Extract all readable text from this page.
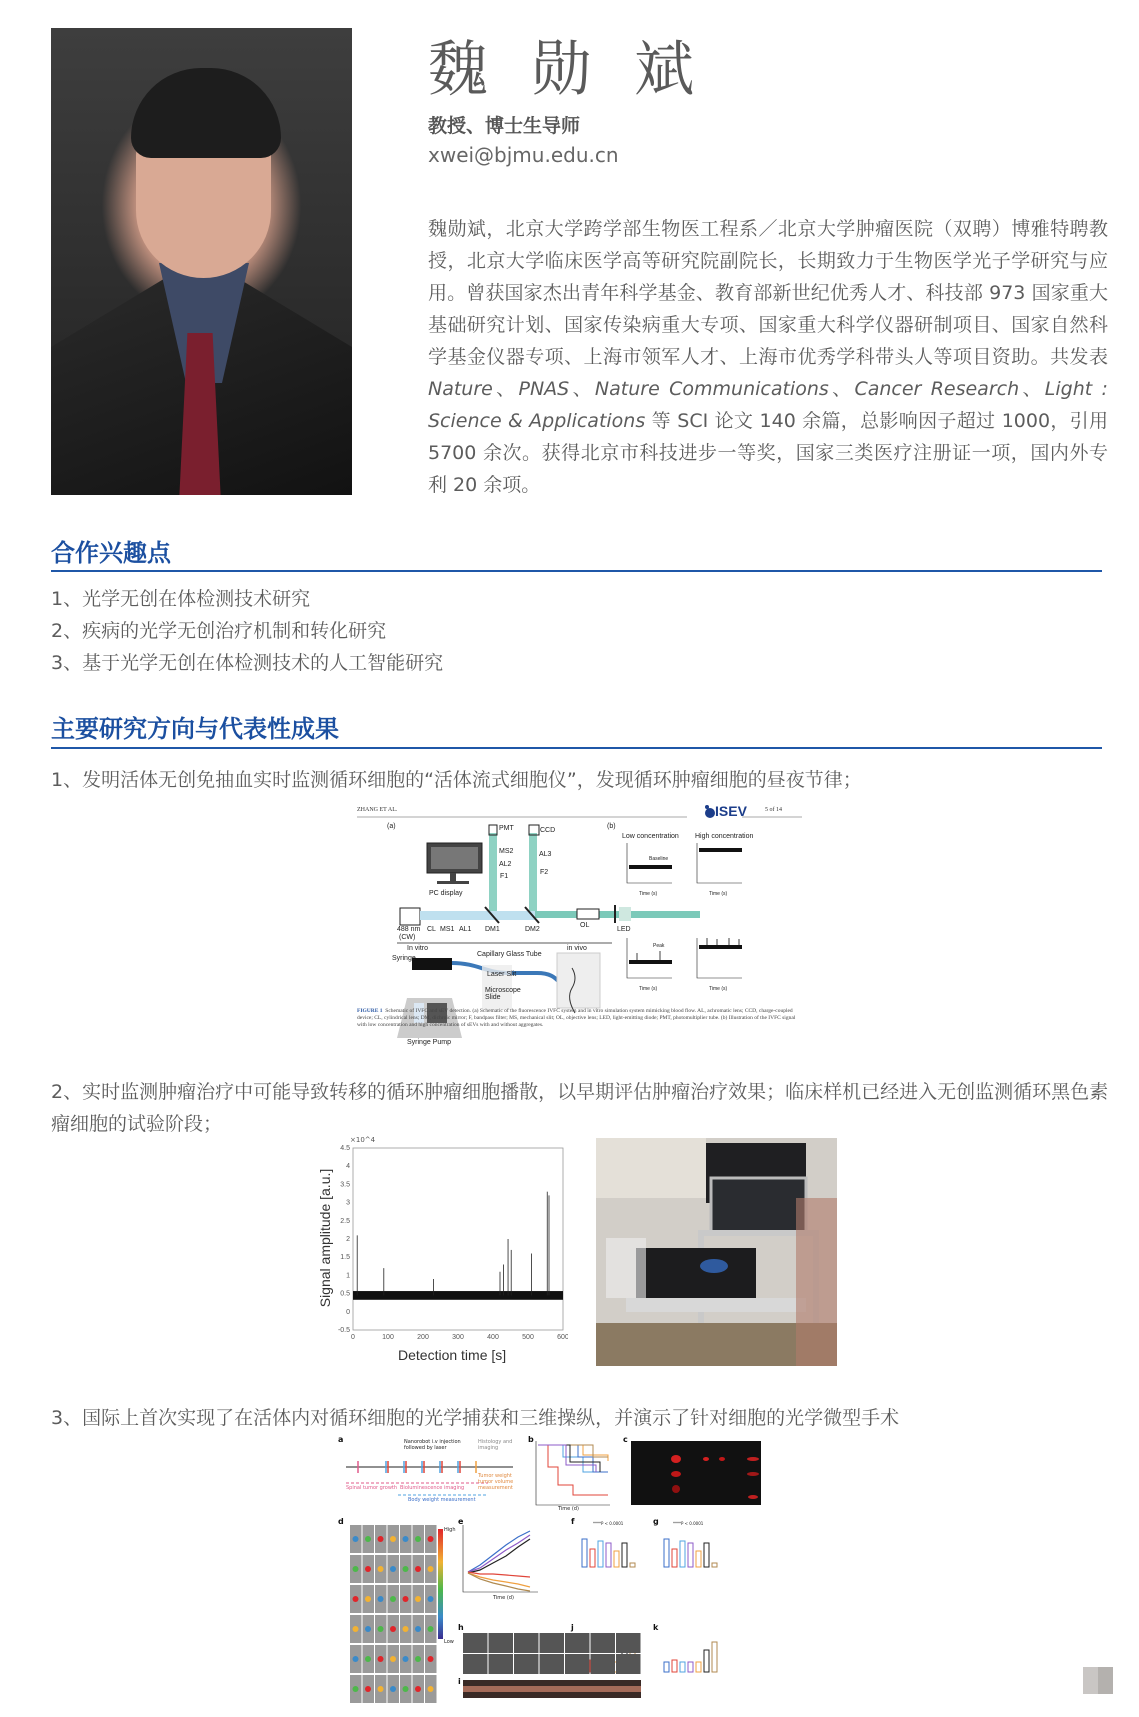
魏 勋 斌
教授、博士生导师
xwei@bjmu.edu.cn
魏勋斌，北京大学跨学部生物医工程系／北京大学肿瘤医院（双聘）博雅特聘教授，北京大学临床医学高等研究院副院长，长期致力于生物医学光子学研究与应用。曾获国家杰出青年科学基金、教育部新世纪优秀人才、科技部 973 国家重大基础研究计划、国家传染病重大专项、国家重大科学仪器研制项目、国家自然科学基金仪器专项、上海市领军人才、上海市优秀学科带头人等项目资助。共发表 Nature、PNAS、Nature Communications、Cancer Research、Light : Science & Applications 等 SCI 论文 140 余篇，总影响因子超过 1000，引用 5700 余次。获得北京市科技进步一等奖，国家三类医疗注册证一项，国内外专利 20 余项。
合作兴趣点
1、光学无创在体检测技术研究
2、疾病的光学无创治疗机制和转化研究
3、基于光学无创在体检测技术的人工智能研究
主要研究方向与代表性成果
1、发明活体无创免抽血实时监测循环细胞的“活体流式细胞仪”，发现循环肿瘤细胞的昼夜节律；
ZHANG ET AL.	ISEV	5 of 14
(a)	(b)
PMT	CCD
MS2
AL2
AL3
F1
F2
PC display
488 nm
(CW)
CL MS1 AL1 DM1	DM2
OL
LED
In vitro	in vivo
Syringe
Capillary Glass Tube
Laser Slit
Microscope Slide
Syringe Pump
Low concentration High concentration
Baseline
Peak
Time (s)	Time (s)
Time (s)	Time (s)
FIGURE 1 Schematic of IVFC and sEV detection. (a) Schematic of the fluorescence IVFC system and in vitro simulation system mimicking blood flow. AL, achromatic lens; CCD, charge-coupled device; CL, cylindrical lens; DM, dichroic mirror; F, bandpass filter; MS, mechanical slit; OL, objective lens; LED, light-emitting diode; PMT, photomultiplier tube. (b) Illustration of the IVFC signal with low concentration and high concentration of sEVs with and without aggregates.
2、实时监测肿瘤治疗中可能导致转移的循环肿瘤细胞播散，以早期评估肿瘤治疗效果；临床样机已经进入无创监测循环黑色素瘤细胞的试验阶段；
0	100	200	300	400	500	600
-0.5
0
0.5
1
1.5
2
2.5
3
3.5
4
4.5
×10^4
Signal amplitude [a.u.]
Detection time [s]
3、国际上首次实现了在活体内对循环细胞的光学捕获和三维操纵，并演示了针对细胞的光学微型手术
a	b	c
d	e	f	g
h
i
j	k
Nanorobot i.v injection followed by laser
Histology and imaging
Tumor weight tumor volume measurement
Spinal tumor growth Bioluminescence imaging
Body weight measurement
Time (d)
High
Low
Time (d)
****P < 0.0001	****P < 0.0001
